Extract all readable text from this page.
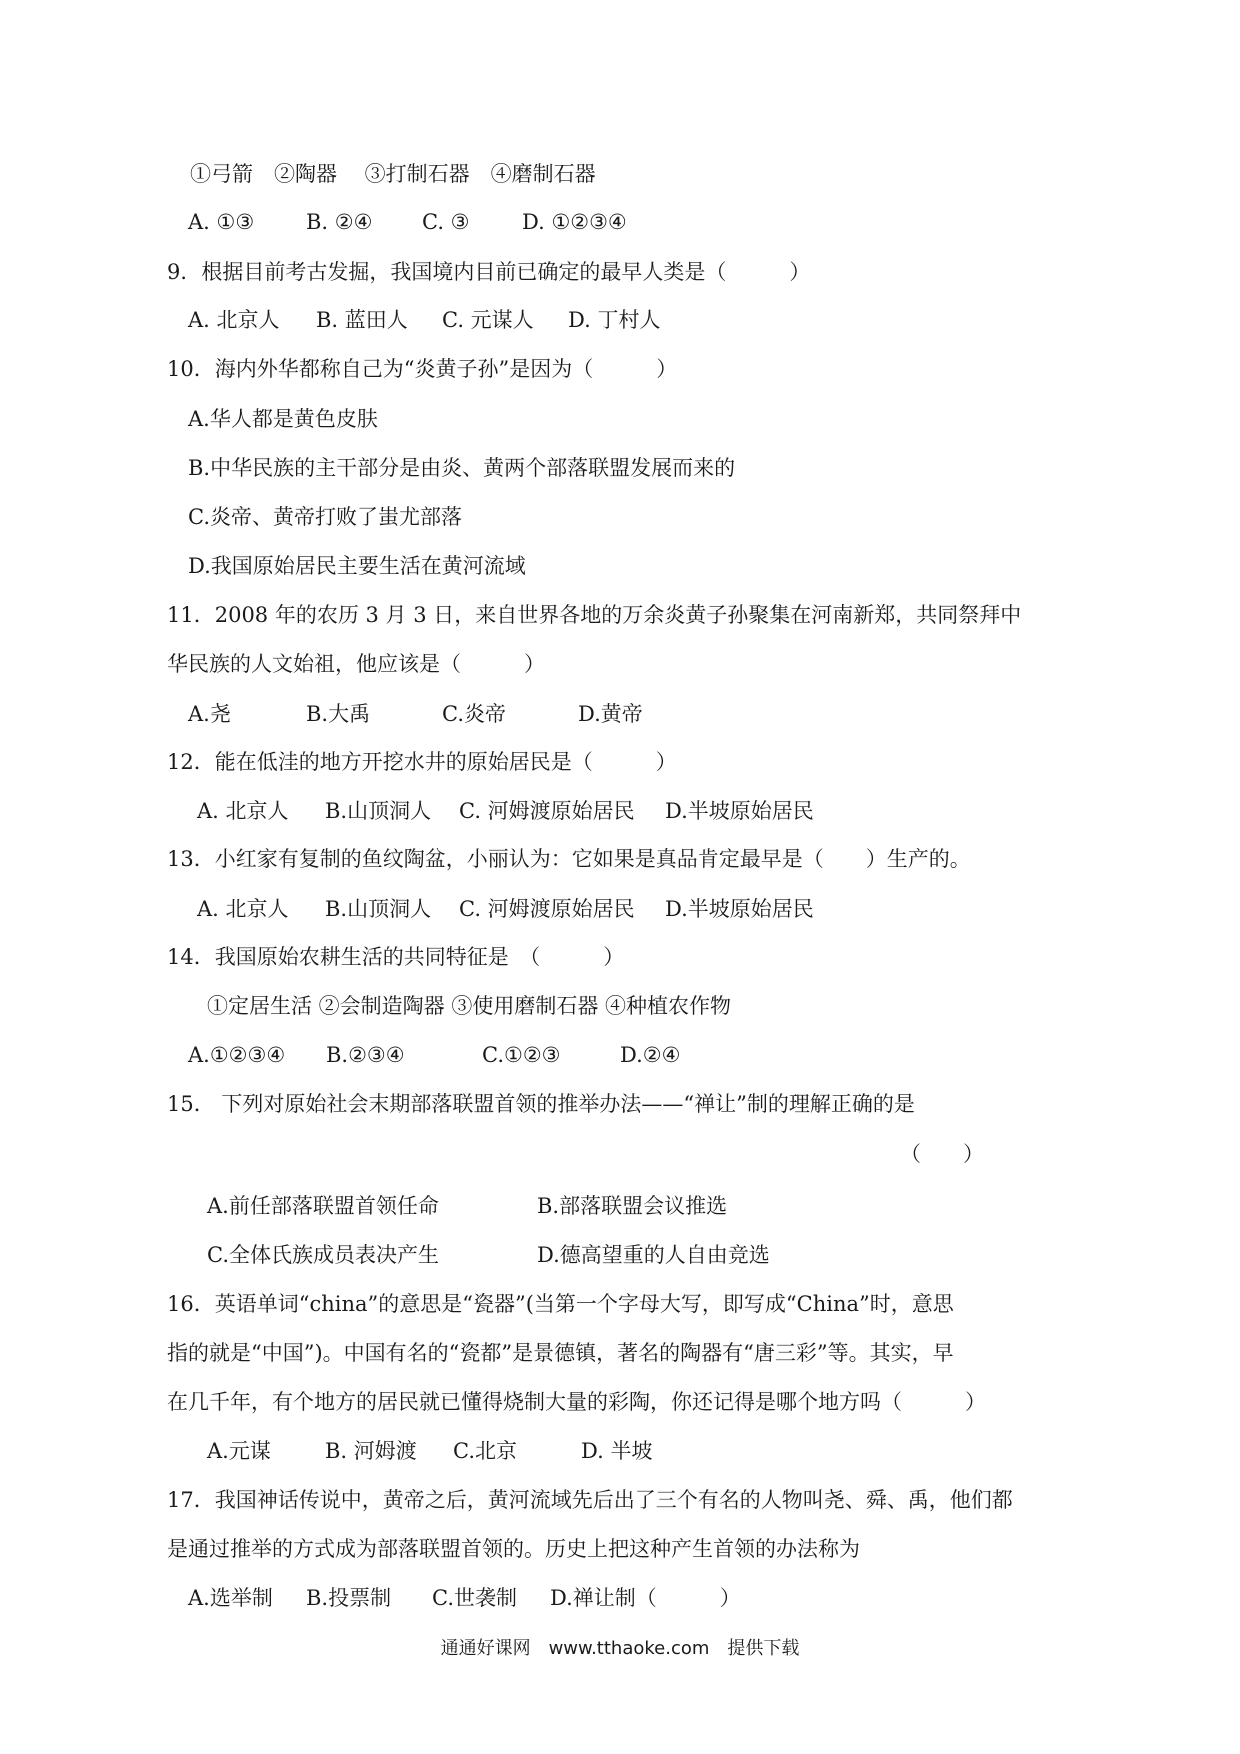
①弓箭　②陶器　 ③打制石器　④磨制石器

A. ①③

B. ②④

C. ③

	D. ①②③④

9．根据目前考古发掘，我国境内目前已确定的最早人类是（　　　）

A. 北京人

B. 蓝田人

C. 元谋人

D. 丁村人

10．海内外华都称自己为“炎黄子孙”是因为（　　　）
A.华人都是黄色皮肤
B.中华民族的主干部分是由炎、黄两个部落联盟发展而来的
C.炎帝、黄帝打败了蚩尤部落
D.我国原始居民主要生活在黄河流域
11．2008 年的农历 3 月 3 日，来自世界各地的万余炎黄子孙聚集在河南新郑，共同祭拜中
华民族的人文始祖，他应该是（　　　）

A.尧

	B.大禹

	C.炎帝

	D.黄帝

12．能在低洼的地方开挖水井的原始居民是（　　　）

A. 北京人

B.山顶洞人

C. 河姆渡原始居民

D.半坡原始居民

13．小红家有复制的鱼纹陶盆，小丽认为：它如果是真品肯定最早是（　　）生产的。

A. 北京人

B.山顶洞人

C. 河姆渡原始居民

D.半坡原始居民

14．我国原始农耕生活的共同特征是　（　　　）
①定居生活 ②会制造陶器 ③使用磨制石器 ④种植农作物

A.①②③④

B.②③④

	C.①②③

	D.②④

15． 下列对原始社会末期部落联盟首领的推举办法——“禅让”制的理解正确的是
（　　）

A.前任部落联盟首领任命

	B.部落联盟会议推选

C.全体氏族成员表决产生

	D.德高望重的人自由竞选

16．英语单词“china”的意思是“瓷器”(当第一个字母大写，即写成“China”时，意思
指的就是“中国”)。中国有名的“瓷都”是景德镇，著名的陶器有“唐三彩”等。其实，早
在几千年，有个地方的居民就已懂得烧制大量的彩陶，你还记得是哪个地方吗（　　　）

A.元谋

	B. 河姆渡

C.北京

	D. 半坡

17．我国神话传说中，黄帝之后，黄河流域先后出了三个有名的人物叫尧、舜、禹，他们都
是通过推举的方式成为部落联盟首领的。历史上把这种产生首领的办法称为

A.选举制

B.投票制

C.世袭制

D.禅让制（　　　）

通通好课网　www.tthaoke.com　提供下载
